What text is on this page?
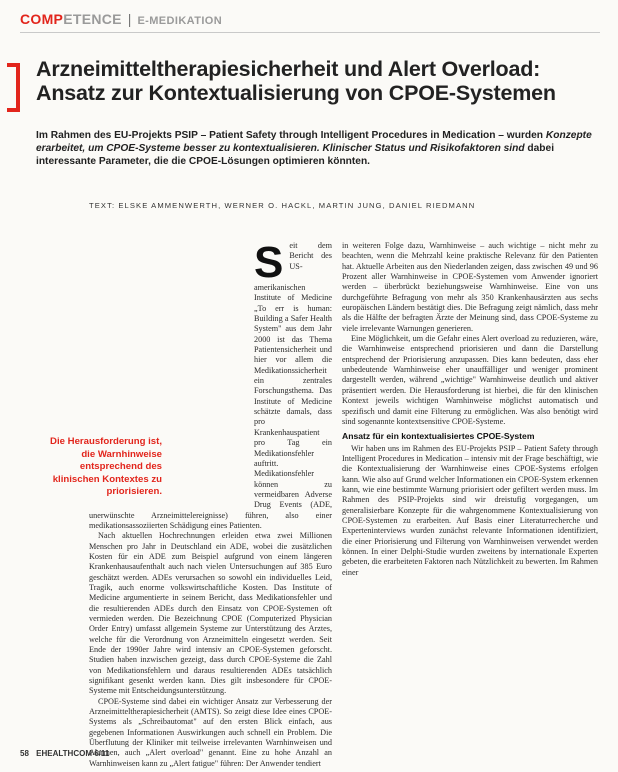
COMP ETENCE | E-MEDIKATION
Arzneimitteltherapiesicherheit und Alert Overload:
Ansatz zur Kontextualisierung von CPOE-Systemen
Im Rahmen des EU-Projekts PSIP – Patient Safety through Intelligent Procedures in Medication – wurden Konzepte erarbeitet, um CPOE-Systeme besser zu kontextualisieren. Klinischer Status und Risikofaktoren sind dabei interessante Parameter, die die CPOE-Lösungen optimieren könnten.
TEXT: ELSKE AMMENWERTH, WERNER O. HACKL, MARTIN JUNG, DANIEL RIEDMANN
S eit dem Bericht des US-amerikanischen Institute of Medicine „To err is human: Building a Safer Health System" aus dem Jahr 2000 ist das Thema Patientensicherheit und hier vor allem die Medikationssicherheit ein zentrales Forschungsthema. Das Institute of Medicine schätzte damals, dass pro Krankenhauspatient pro Tag ein Medikationsfehler auftritt. Medikationsfehler können zu vermeidbaren Adverse Drug Events (ADE, unerwünschte Arzneimittelereignisse) führen, also einer medikationsassoziierten Schädigung eines Patienten.

Nach aktuellen Hochrechnungen erleiden etwa zwei Millionen Menschen pro Jahr in Deutschland ein ADE, wobei die zusätzlichen Kosten für ein ADE zum Beispiel aufgrund von einem längeren Krankenhausaufenthalt auch nach vielen Untersuchungen auf 385 Euro geschätzt werden. ADEs verursachen so sowohl ein individuelles Leid, Tragik, auch enorme volkswirtschaftliche Kosten. Das Institute of Medicine argumentierte in seinem Bericht, dass Medikationsfehler und die resultierenden ADEs durch den Einsatz von CPOE-Systemen oft vermieden werden. Die Bezeichnung CPOE (Computerized Physician Order Entry) umfasst allgemein Systeme zur Unterstützung des Arztes, welche für die Verordnung von Arzneimitteln eingesetzt werden. Seit Ende der 1990er Jahre wird intensiv an CPOE-Systemen geforscht. Studien haben inzwischen gezeigt, dass durch CPOE-Systeme die Zahl von Medikationsfehlern und daraus resultierenden ADEs tatsächlich signifikant gesenkt werden kann. Dies gilt insbesondere für CPOE-Systeme mit Entscheidungsunterstützung.

CPOE-Systeme sind dabei ein wichtiger Ansatz zur Verbesserung der Arzneimitteltherapiesicherheit (AMTS). So zeigt diese Idee eines CPOE-Systems als „Schreibautomat" auf den ersten Blick einfach, aus gegebenen Informationen Auswirkungen auch schnell ein Problem. Die Überflutung der Kliniker mit teilweise irrelevanten Warnhinweisen und Alarmen, auch „Alert overload" genannt. Eine zu hohe Anzahl an Warnhinweisen kann zu „Alert fatigue" führen: Der Anwender tendiert

Die Herausforderung ist, die Warnhinweise entsprechend des klinischen Kontextes zu priorisieren.

in weiteren Folge dazu, Warnhinweise – auch wichtige – nicht mehr zu beachten, wenn die Mehrzahl keine praktische Relevanz für den Patienten hat. Aktuelle Arbeiten aus den Niederlanden zeigen, dass zwischen 49 und 96 Prozent aller Warnhinweise in CPOE-Systemen vom Anwender ignoriert werden – überbrückt beziehungsweise Warnhinweise. Eine von uns durchgeführte Befragung von mehr als 350 Krankenhausärzten aus sechs europäischen Ländern bestätigt dies. Die Befragung zeigt nämlich, dass mehr als die Hälfte der befragten Ärzte der Meinung sind, dass CPOE-Systeme zu viele irrelevante Warnungen generieren.

Eine Möglichkeit, um die Gefahr eines Alert overload zu reduzieren, wäre, die Warnhinweise entsprechend priorisieren und dann die Darstellung entsprechend der Priorisierung anzupassen. Dies kann bedeuten, dass eher unbedeutende Warnhinweise eher unauffälliger und weniger prominent dargestellt werden, während „wichtige" Warnhinweise deutlich und aktiver präsentiert werden. Die Herausforderung ist hierbei, die für den klinischen Kontext jeweils wichtigen Warnhinweise möglichst automatisch und spezifisch und damit eine Filterung zu ermöglichen. Was also benötigt wird sind sogenannte kontextsensitive CPOE-Systeme.

Ansatz für ein kontextualisiertes CPOE-System

Wir haben uns im Rahmen des EU-Projekts PSIP – Patient Safety through Intelligent Procedures in Medication – intensiv mit der Frage beschäftigt, wie die Kontextualisierung der Warnhinweise eines CPOE-Systems erfolgen kann. Wie also auf Grund welcher Informationen ein CPOE-System erkennen kann, wie eine bestimmte Warnung priorisiert oder gefiltert werden muss. Im Rahmen des PSIP-Projekts sind wir dreistufig vorgegangen, um generalisierbare Konzepte für die wahrgenommene Kontextualisierung von CPOE-Systemen zu erarbeiten. Auf Basis einer Literaturrecherche und Experteninterviews wurden zunächst relevante Informationen identifiziert, die einer Priorisierung und Filterung von Warnhinweisen verwendet werden können. In einer Delphi-Studie wurden zweitens by internationale Experten gebeten, die erarbeiteten Faktoren nach Nützlichkeit zu bewerten. Im Rahmen einer

58 EHEALTHCOM 6/11
